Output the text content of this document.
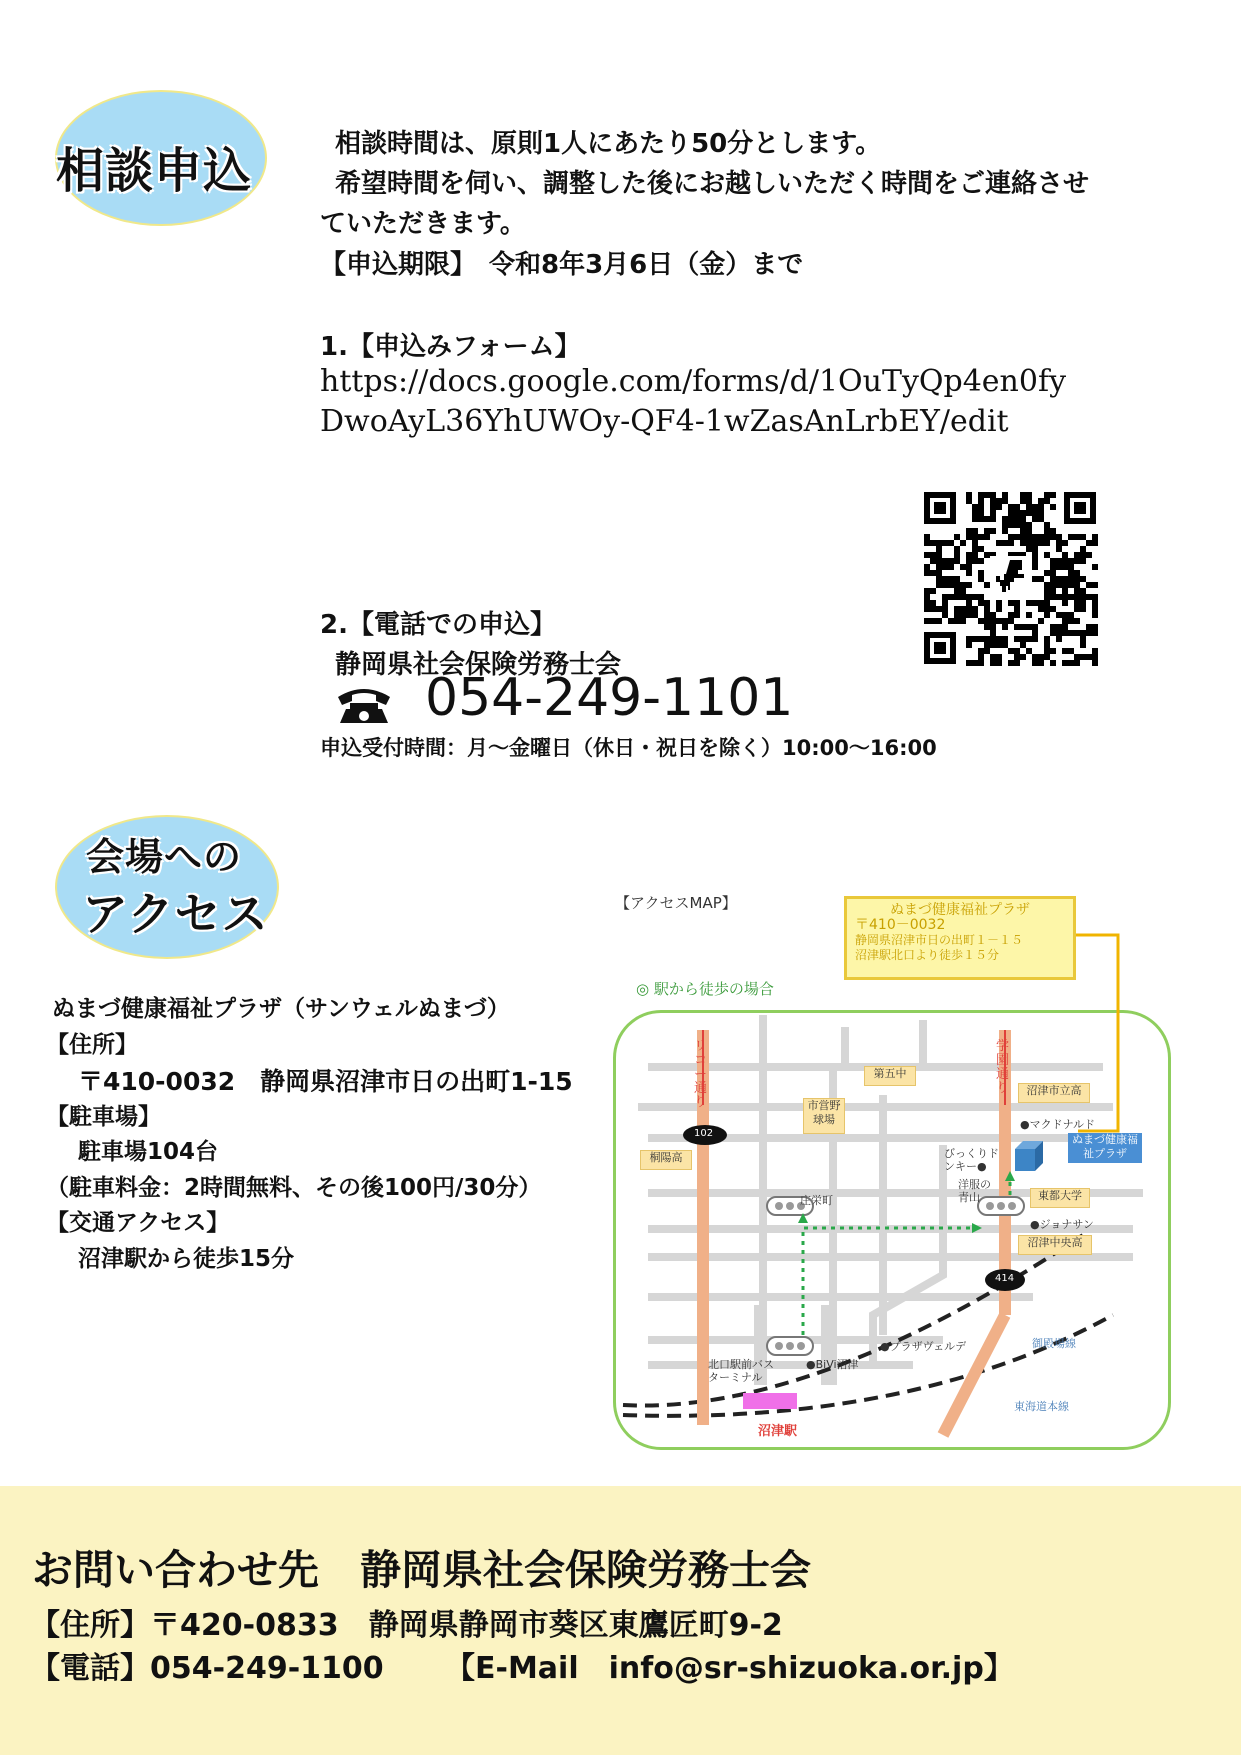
相談申込	相談時間は、原則1人にあたり50分とします。
希望時間を伺い、調整した後にお越しいただく時間をご連絡させ
ていただきます。
【申込期限】　令和8年3月6日（金）まで
1.【申込みフォーム】
https://docs.google.com/forms/d/1OuTyQp4en0fy
DwoAyL36YhUWOy-QF4-1wZasAnLrbEY/edit
2.【電話での申込】
静岡県社会保険労務士会
054-249-1101
申込受付時間：月～金曜日（休日・祝日を除く）10:00～16:00
会場への
アクセス
ぬまづ健康福祉プラザ（サンウェルぬまづ）
【住所】
〒410-0032　静岡県沼津市日の出町1-15
【駐車場】
駐車場104台
（駐車料金：2時間無料、その後100円/30分）
【交通アクセス】
沼津駅から徒歩15分
【アクセスMAP】
◎ 駅から徒歩の場合
ぬまづ健康福祉プラザ
〒410－0032
静岡県沼津市日の出町１－１５
沼津駅北口より徒歩１５分
リコー通り
学園通り
102
414
第五中
市営野球場
沼津市立高
●マクドナルド
ぬまづ健康福祉プラザ
びっくりドンキー●
洋服の青山	東都大学
●ジョナサン
沼津中央高
桐陽高
庄栄町
●プラザヴェルデ
●BiVi沼津
北口駅前バスターミナル
御殿場線
東海道本線
沼津駅
お問い合わせ先　静岡県社会保険労務士会
【住所】〒420-0833　静岡県静岡市葵区東鷹匠町9-2
【電話】054-249-1100 【E-Mail　info@sr-shizuoka.or.jp】
